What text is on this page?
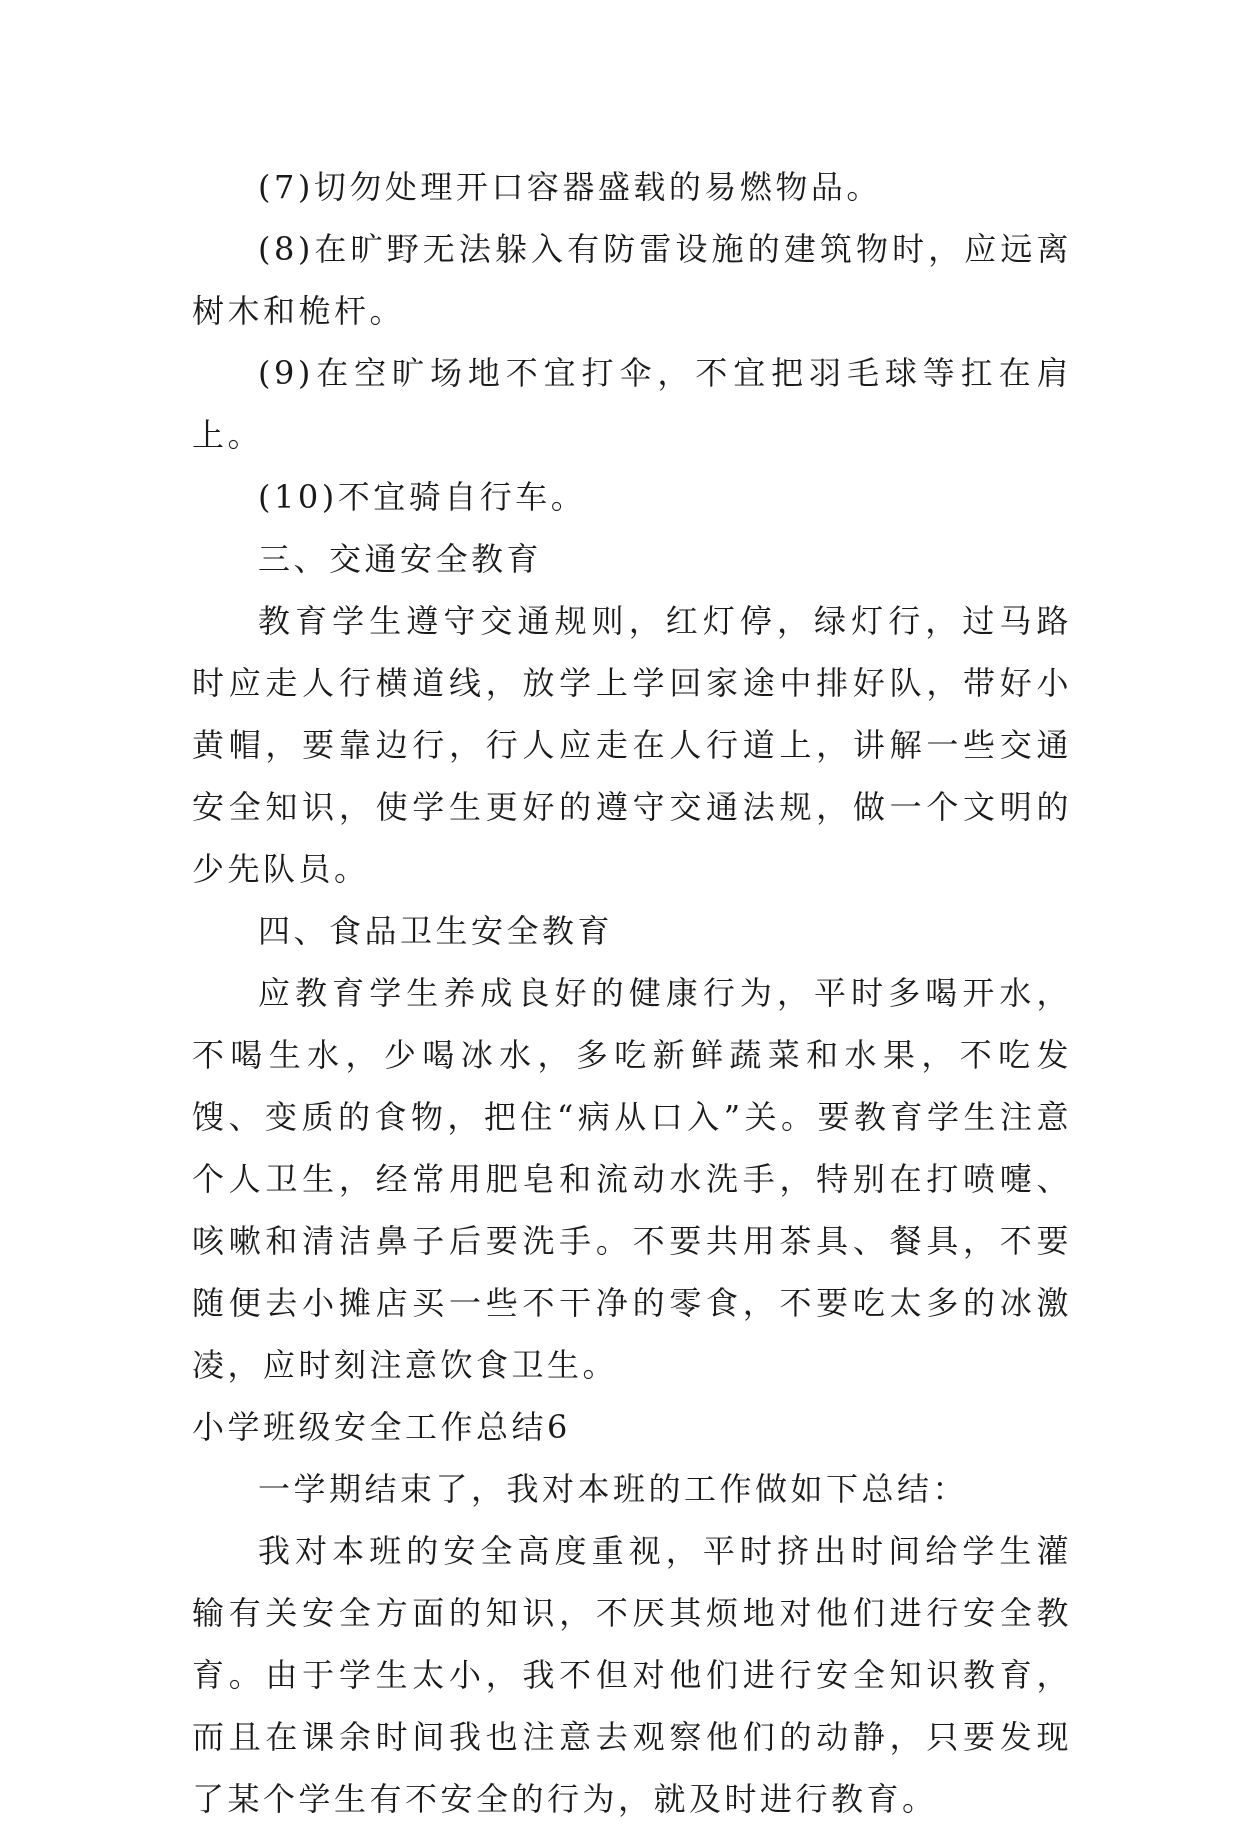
(7)切勿处理开口容器盛载的易燃物品。

(8)在旷野无法躲入有防雷设施的建筑物时，应远离树木和桅杆。

(9)在空旷场地不宜打伞，不宜把羽毛球等扛在肩上。

(10)不宜骑自行车。

三、交通安全教育

教育学生遵守交通规则，红灯停，绿灯行，过马路时应走人行横道线，放学上学回家途中排好队，带好小黄帽，要靠边行，行人应走在人行道上，讲解一些交通安全知识，使学生更好的遵守交通法规，做一个文明的少先队员。

四、食品卫生安全教育

应教育学生养成良好的健康行为，平时多喝开水，不喝生水，少喝冰水，多吃新鲜蔬菜和水果，不吃发馊、变质的食物，把住“病从口入”关。要教育学生注意个人卫生，经常用肥皂和流动水洗手，特别在打喷嚏、咳嗽和清洁鼻子后要洗手。不要共用茶具、餐具，不要随便去小摊店买一些不干净的零食，不要吃太多的冰激凌，应时刻注意饮食卫生。

小学班级安全工作总结6

一学期结束了，我对本班的工作做如下总结：

我对本班的安全高度重视，平时挤出时间给学生灌输有关安全方面的知识，不厌其烦地对他们进行安全教育。由于学生太小，我不但对他们进行安全知识教育，而且在课余时间我也注意去观察他们的动静，只要发现了某个学生有不安全的行为，就及时进行教育。
